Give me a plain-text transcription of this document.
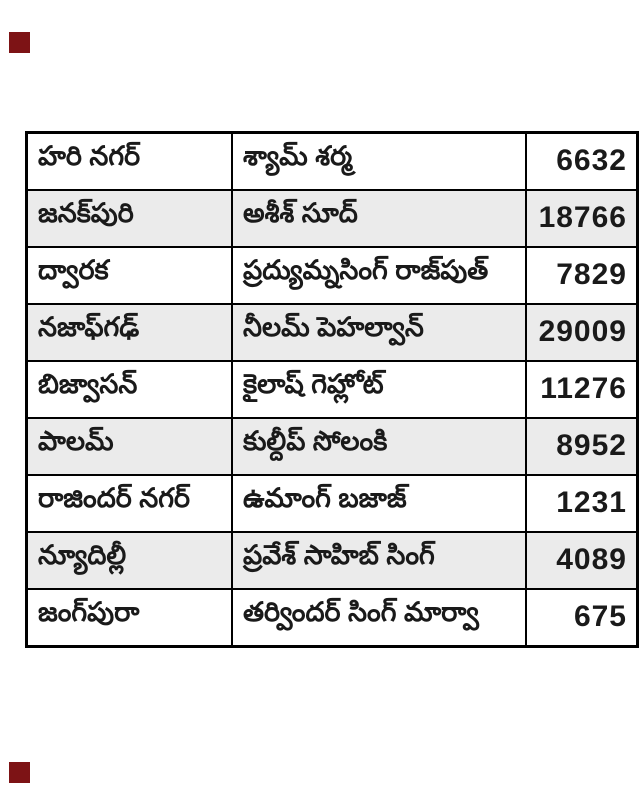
హరి నగర్	శ్యామ్ శర్మ	6632
జనక్‌పురి	అశీశ్ సూద్	18766
ద్వారక	ప్రద్యుమ్నసింగ్ రాజ్‌పుత్	7829
నజాఫ్‌గఢ్	నీలమ్ పెహల్వాన్	29009
బిజ్వాసన్	కైలాష్ గెహ్లోట్	11276
పాలమ్	కుల్దీప్ సోలంకి	8952
రాజిందర్ నగర్	ఉమాంగ్ బజాజ్	1231
న్యూదిల్లీ	ప్రవేశ్ సాహిబ్ సింగ్	4089
జంగ్‌పురా	తర్విందర్ సింగ్ మార్వా	675
